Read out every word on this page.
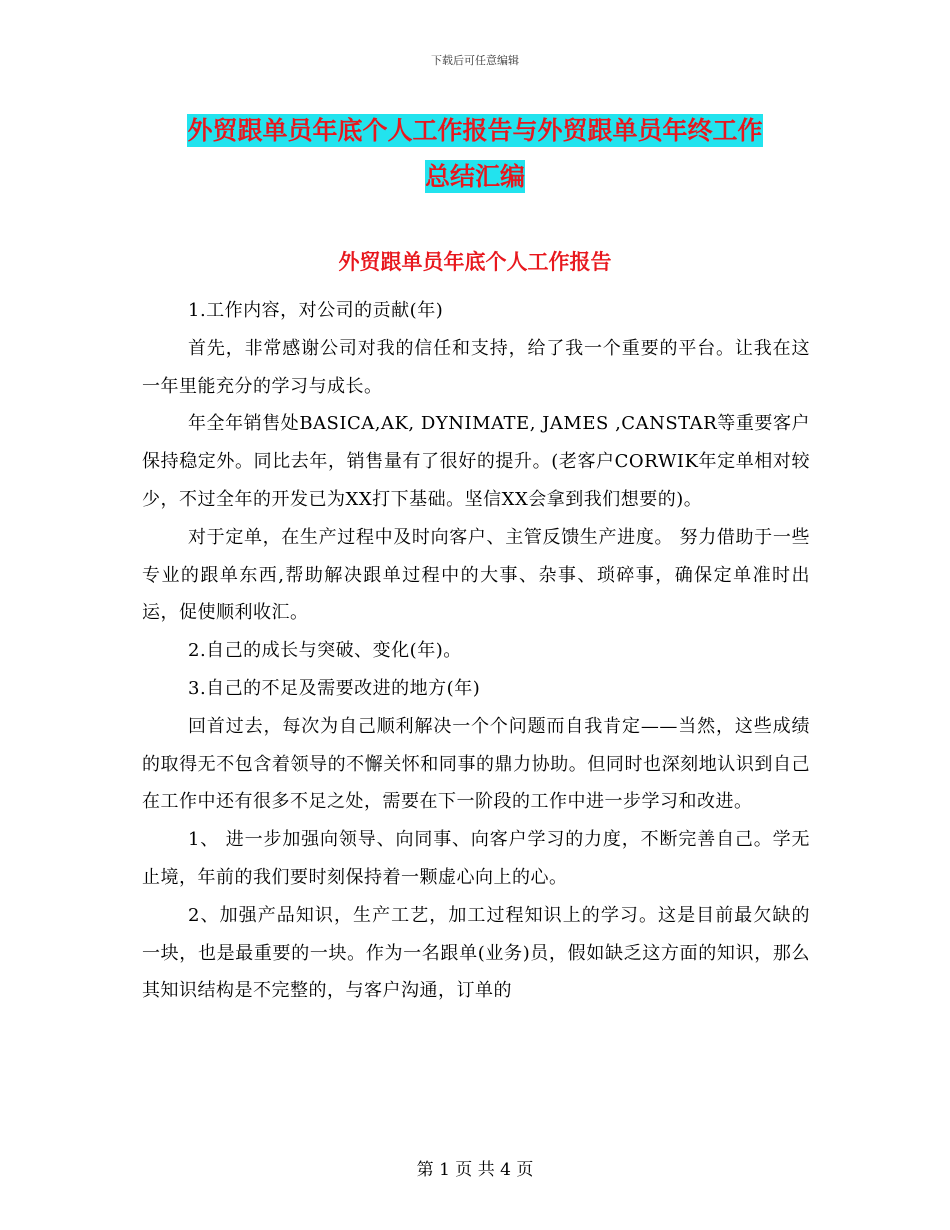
下载后可任意编辑
外贸跟单员年底个人工作报告与外贸跟单员年终工作
总结汇编
外贸跟单员年底个人工作报告

1.工作内容，对公司的贡献(年)

首先，非常感谢公司对我的信任和支持，给了我一个重要的平台。让我在这一年里能充分的学习与成长。

年全年销售处BASICA,AK, DYNIMATE, JAMES ,CANSTAR等重要客户保持稳定外。同比去年，销售量有了很好的提升。(老客户CORWIK年定单相对较少，不过全年的开发已为XX打下基础。坚信XX会拿到我们想要的)。

对于定单，在生产过程中及时向客户、主管反馈生产进度。 努力借助于一些专业的跟单东西,帮助解决跟单过程中的大事、杂事、琐碎事，确保定单准时出运，促使顺利收汇。

2.自己的成长与突破、变化(年)。

3.自己的不足及需要改进的地方(年)

回首过去，每次为自己顺利解决一个个问题而自我肯定——当然，这些成绩的取得无不包含着领导的不懈关怀和同事的鼎力协助。但同时也深刻地认识到自己在工作中还有很多不足之处，需要在下一阶段的工作中进一步学习和改进。

1、 进一步加强向领导、向同事、向客户学习的力度，不断完善自己。学无止境，年前的我们要时刻保持着一颗虚心向上的心。

2、加强产品知识，生产工艺，加工过程知识上的学习。这是目前最欠缺的一块，也是最重要的一块。作为一名跟单(业务)员，假如缺乏这方面的知识，那么其知识结构是不完整的，与客户沟通，订单的

第 1 页 共 4 页
